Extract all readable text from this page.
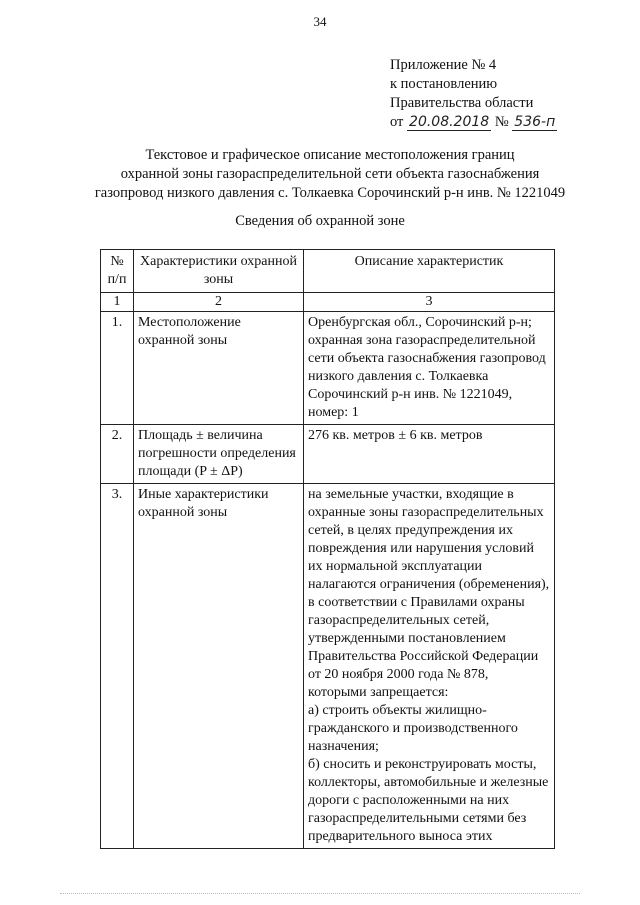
34
Приложение № 4
к постановлению
Правительства области
от 20.08.2018 № 536-п
Текстовое и графическое описание местоположения границ
охранной зоны газораспределительной сети объекта газоснабжения
газопровод низкого давления с. Толкаевка Сорочинский р-н инв. № 1221049
Сведения об охранной зоне
№ п/п	Характеристики охранной зоны	Описание характеристик
1	2	3
1.	Местоположение охранной зоны	Оренбургская обл., Сорочинский р-н; охранная зона газораспределительной сети объекта газоснабжения газопровод низкого давления с. Толкаевка Сорочинский р-н инв. № 1221049, номер: 1
2.	Площадь ± величина погрешности определения площади (P ± ΔP)	276 кв. метров ± 6 кв. метров
3.	Иные характеристики охранной зоны	на земельные участки, входящие в охранные зоны газораспределительных сетей, в целях предупреждения их повреждения или нарушения условий их нормальной эксплуатации налагаются ограничения (обременения), в соответствии с Правилами охраны газораспределительных сетей, утвержденными постановлением Правительства Российской Федерации от 20 ноября 2000 года № 878, которыми запрещается:
а) строить объекты жилищно-гражданского и производственного назначения;
б) сносить и реконструировать мосты, коллекторы, автомобильные и железные дороги с расположенными на них газораспределительными сетями без предварительного выноса этих
